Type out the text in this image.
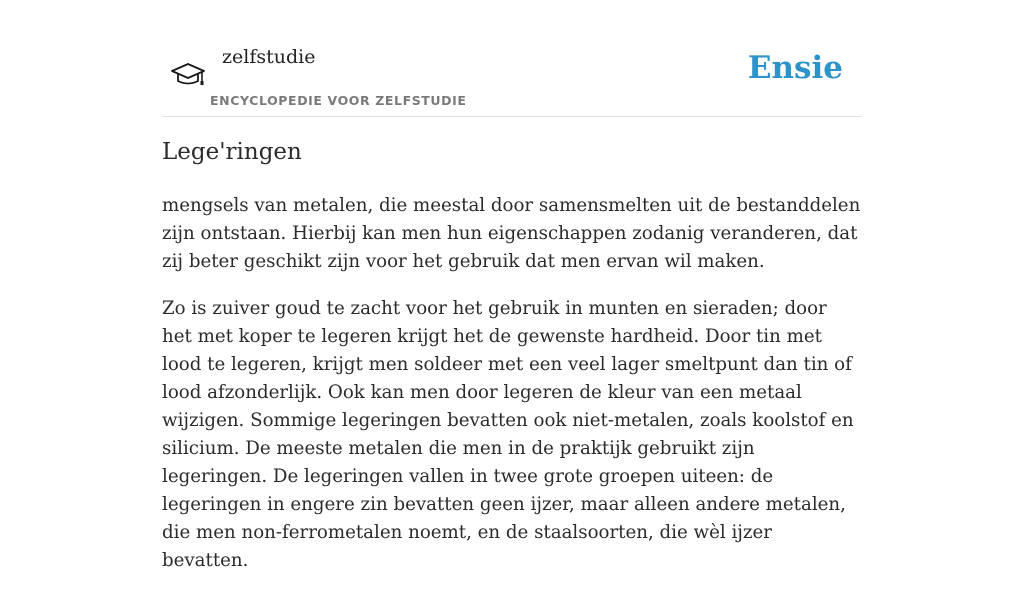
zelfstudie
ENCYCLOPEDIE VOOR ZELFSTUDIE
Ensie
Lege'ringen

mengsels van metalen, die meestal door samensmelten uit de bestanddelen zijn ontstaan. Hierbij kan men hun eigenschappen zodanig veranderen, dat zij beter geschikt zijn voor het gebruik dat men ervan wil maken.

Zo is zuiver goud te zacht voor het gebruik in munten en sieraden; door het met koper te legeren krijgt het de gewenste hardheid. Door tin met lood te legeren, krijgt men soldeer met een veel lager smeltpunt dan tin of lood afzonderlijk. Ook kan men door legeren de kleur van een metaal wijzigen. Sommige legeringen bevatten ook niet-metalen, zoals koolstof en silicium. De meeste metalen die men in de praktijk gebruikt zijn legeringen. De legeringen vallen in twee grote groepen uiteen: de legeringen in engere zin bevatten geen ijzer, maar alleen andere metalen, die men non-ferrometalen noemt, en de staalsoorten, die wèl ijzer bevatten.
